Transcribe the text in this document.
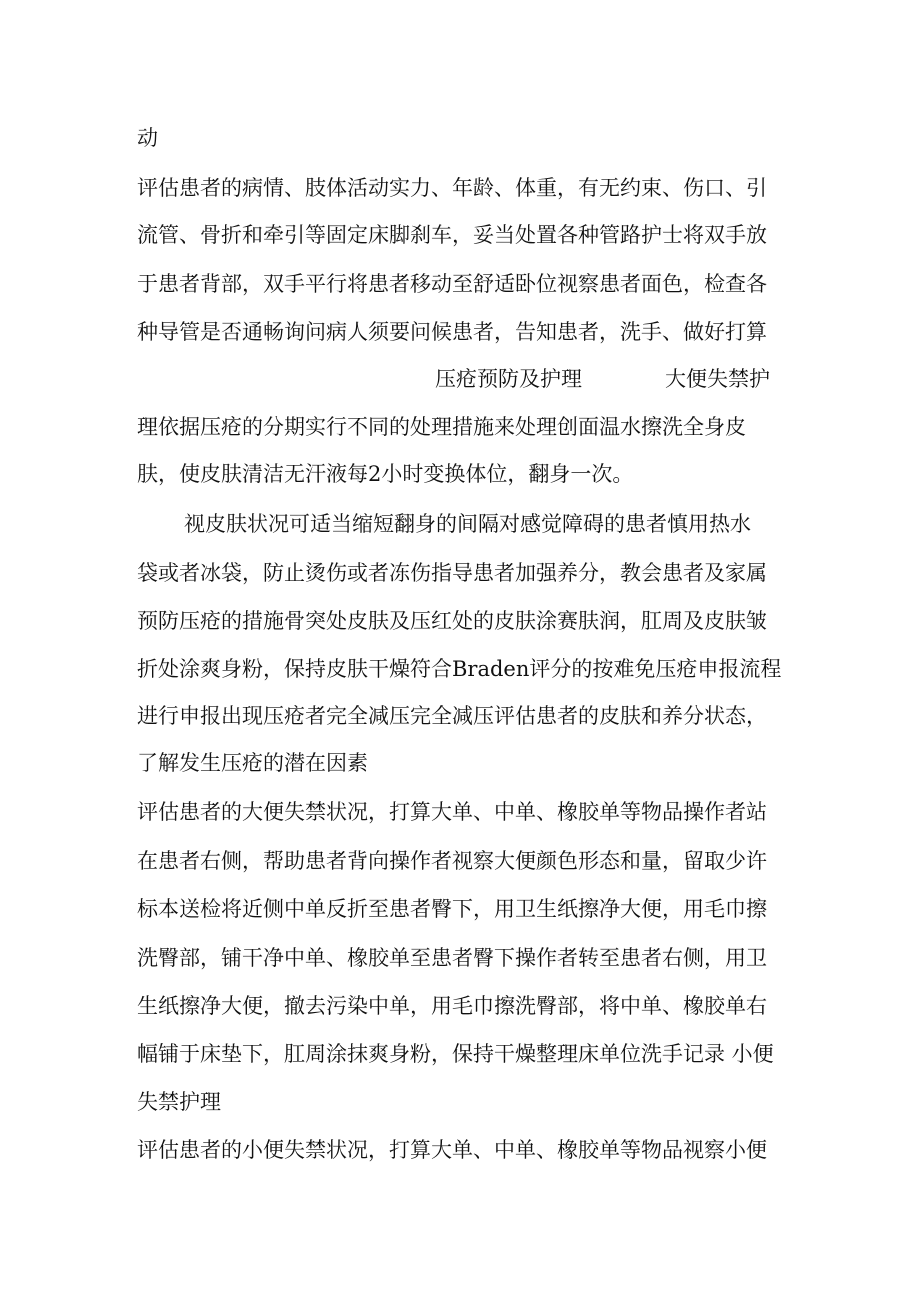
动
评估患者的病情、肢体活动实力、年龄、体重，有无约束、伤口、引
流管、骨折和牵引等固定床脚刹车，妥当处置各种管路护士将双手放
于患者背部，双手平行将患者移动至舒适卧位视察患者面色，检查各
种导管是否通畅询问病人须要问候患者，告知患者，洗手、做好打算
压疮预防及护理	大便失禁护
理依据压疮的分期实行不同的处理措施来处理创面温水擦洗全身皮
肤，使皮肤清洁无汗液每2小时变换体位，翻身一次。
视皮肤状况可适当缩短翻身的间隔对感觉障碍的患者慎用热水
袋或者冰袋，防止烫伤或者冻伤指导患者加强养分，教会患者及家属
预防压疮的措施骨突处皮肤及压红处的皮肤涂赛肤润，肛周及皮肤皱
折处涂爽身粉，保持皮肤干燥符合Braden评分的按难免压疮申报流程
进行申报出现压疮者完全减压完全减压评估患者的皮肤和养分状态，
了解发生压疮的潜在因素
评估患者的大便失禁状况，打算大单、中单、橡胶单等物品操作者站
在患者右侧，帮助患者背向操作者视察大便颜色形态和量，留取少许
标本送检将近侧中单反折至患者臀下，用卫生纸擦净大便，用毛巾擦
洗臀部，铺干净中单、橡胶单至患者臀下操作者转至患者右侧，用卫
生纸擦净大便，撤去污染中单，用毛巾擦洗臀部，将中单、橡胶单右
幅铺于床垫下，肛周涂抹爽身粉，保持干燥整理床单位洗手记录 小便
失禁护理
评估患者的小便失禁状况，打算大单、中单、橡胶单等物品视察小便
